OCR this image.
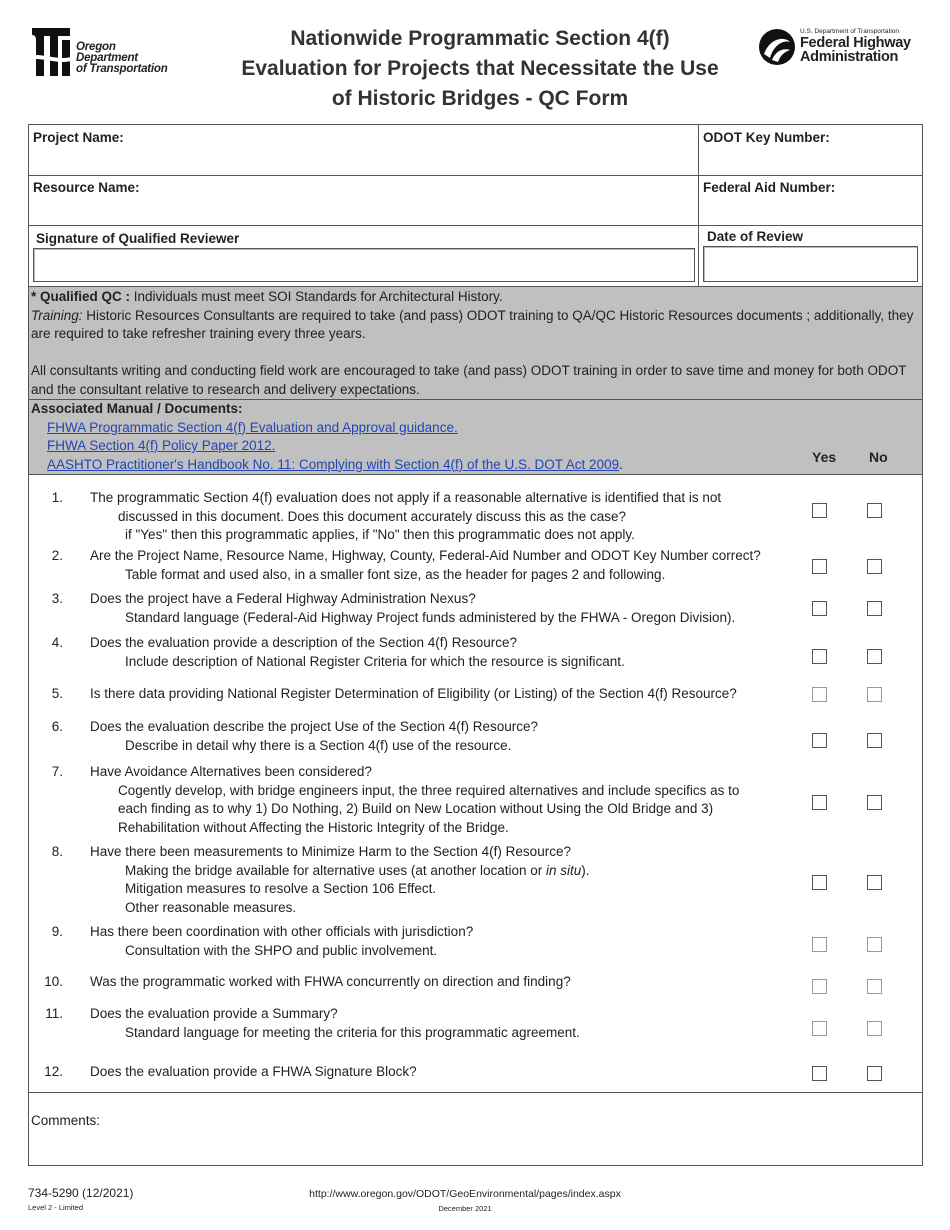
Oregon
Department
of Transportation
Nationwide Programmatic Section 4(f)
Evaluation for Projects that Necessitate the Use
of Historic Bridges - QC Form
U.S. Department of Transportation
Federal Highway
Administration
Project Name:	ODOT Key Number:
Resource Name:	Federal Aid Number:
Signature of Qualified Reviewer	Date of Review
* Qualified QC : Individuals must meet SOI Standards for Architectural History.
Training: Historic Resources Consultants are required to take (and pass) ODOT training to QA/QC Historic Resources documents ; additionally, they are required to take refresher training every three years.
All consultants writing and conducting field work are encouraged to take (and pass) ODOT training in order to save time and money for both ODOT and the consultant relative to research and delivery expectations.
Associated Manual / Documents:
FHWA Programmatic Section 4(f) Evaluation and Approval guidance.
FHWA Section 4(f) Policy Paper 2012.
AASHTO Practitioner's Handbook No. 11: Complying with Section 4(f) of the U.S. DOT Act 2009.	Yes No
1. The programmatic Section 4(f) evaluation does not apply if a reasonable alternative is identified that is not
discussed in this document. Does this document accurately discuss this as the case?
if "Yes" then this programmatic applies, if "No" then this programmatic does not apply.
2. Are the Project Name, Resource Name, Highway, County, Federal-Aid Number and ODOT Key Number correct?
Table format and used also, in a smaller font size, as the header for pages 2 and following.
3. Does the project have a Federal Highway Administration Nexus?
Standard language (Federal-Aid Highway Project funds administered by the FHWA - Oregon Division).
4. Does the evaluation provide a description of the Section 4(f) Resource?
Include description of National Register Criteria for which the resource is significant.
5. Is there data providing National Register Determination of Eligibility (or Listing) of the Section 4(f) Resource?
6. Does the evaluation describe the project Use of the Section 4(f) Resource?
Describe in detail why there is a Section 4(f) use of the resource.
7. Have Avoidance Alternatives been considered?
Cogently develop, with bridge engineers input, the three required alternatives and include specifics as to
each finding as to why 1) Do Nothing, 2) Build on New Location without Using the Old Bridge and 3)
Rehabilitation without Affecting the Historic Integrity of the Bridge.
8. Have there been measurements to Minimize Harm to the Section 4(f) Resource?
Making the bridge available for alternative uses (at another location or in situ).
Mitigation measures to resolve a Section 106 Effect.
Other reasonable measures.
9. Has there been coordination with other officials with jurisdiction?
Consultation with the SHPO and public involvement.
10. Was the programmatic worked with FHWA concurrently on direction and finding?
11. Does the evaluation provide a Summary?
Standard language for meeting the criteria for this programmatic agreement.
12. Does the evaluation provide a FHWA Signature Block?
Comments:
734-5290 (12/2021)
Level 2 - Limited
http://www.oregon.gov/ODOT/GeoEnvironmental/pages/index.aspx
December 2021
